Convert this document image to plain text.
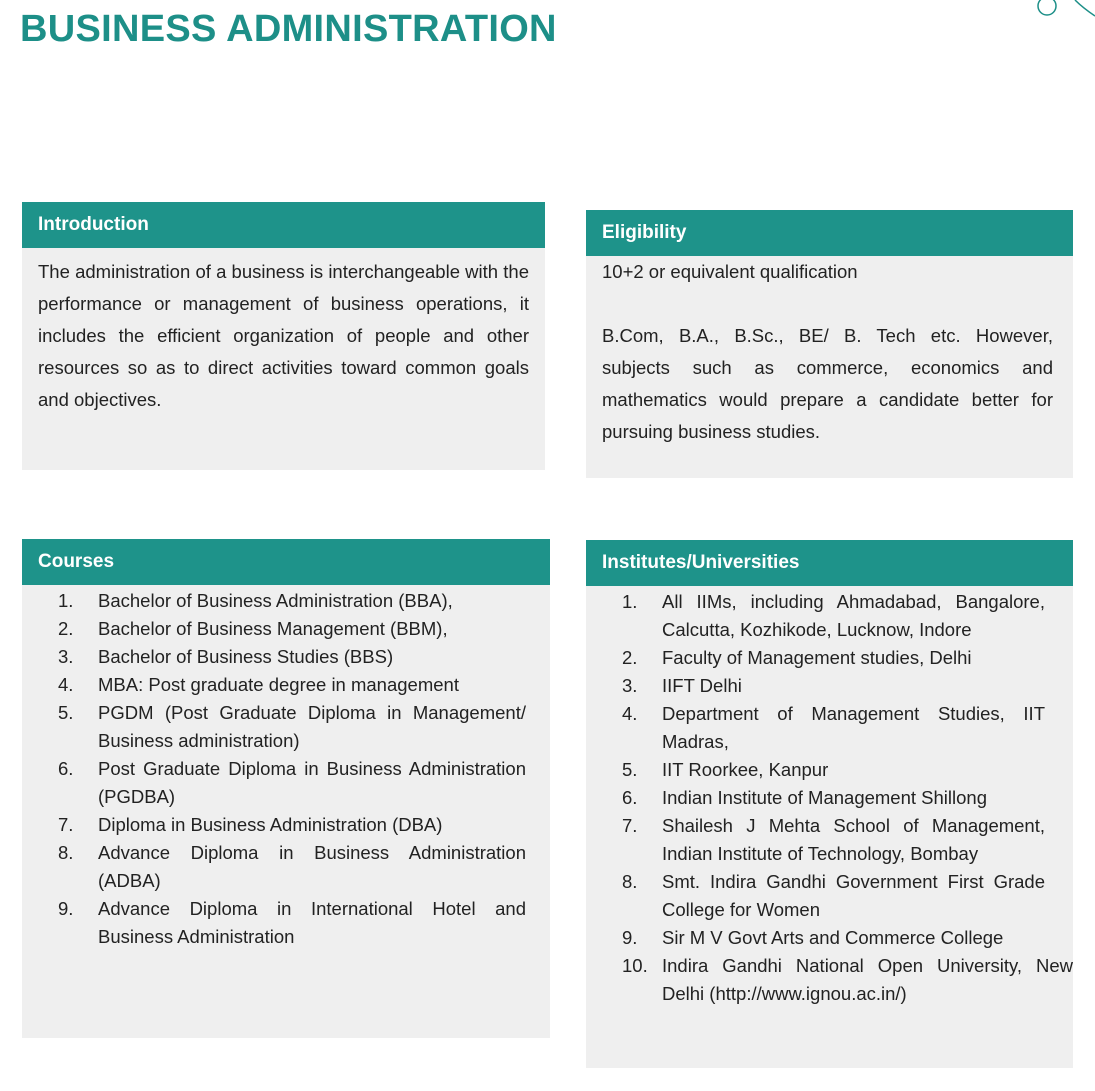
BUSINESS ADMINISTRATION
Introduction
The administration of a business is interchangeable with the performance or management of business operations, it includes the efficient organization of people and other resources so as to direct activities toward common goals and objectives.
Eligibility

10+2 or equivalent qualification

B.Com, B.A., B.Sc., BE/ B. Tech etc. However, subjects such as commerce, economics and mathematics would prepare a candidate better for pursuing business studies.

Courses
1.	Bachelor of Business Administration (BBA),
2.	Bachelor of Business Management (BBM),
3.	Bachelor of Business Studies (BBS)
4.	MBA: Post graduate degree in management
5.	PGDM (Post Graduate Diploma in Management/ Business administration)
6.	Post Graduate Diploma in Business Administration (PGDBA)
7.	Diploma in Business Administration (DBA)
8.	Advance Diploma in Business Administration (ADBA)
9.	Advance Diploma in International Hotel and Business Administration
Institutes/Universities
1.	All IIMs, including Ahmadabad, Bangalore, Calcutta, Kozhikode, Lucknow, Indore
2.	Faculty of Management studies, Delhi
3.	IIFT Delhi
4.	Department of Management Studies, IIT Madras,
5.	IIT Roorkee, Kanpur
6.	Indian Institute of Management Shillong
7.	Shailesh J Mehta School of Management, Indian Institute of Technology, Bombay
8.	Smt. Indira Gandhi Government First Grade College for Women
9.	Sir M V Govt Arts and Commerce College
10. Indira Gandhi National Open University, New Delhi (http://www.ignou.ac.in/)
